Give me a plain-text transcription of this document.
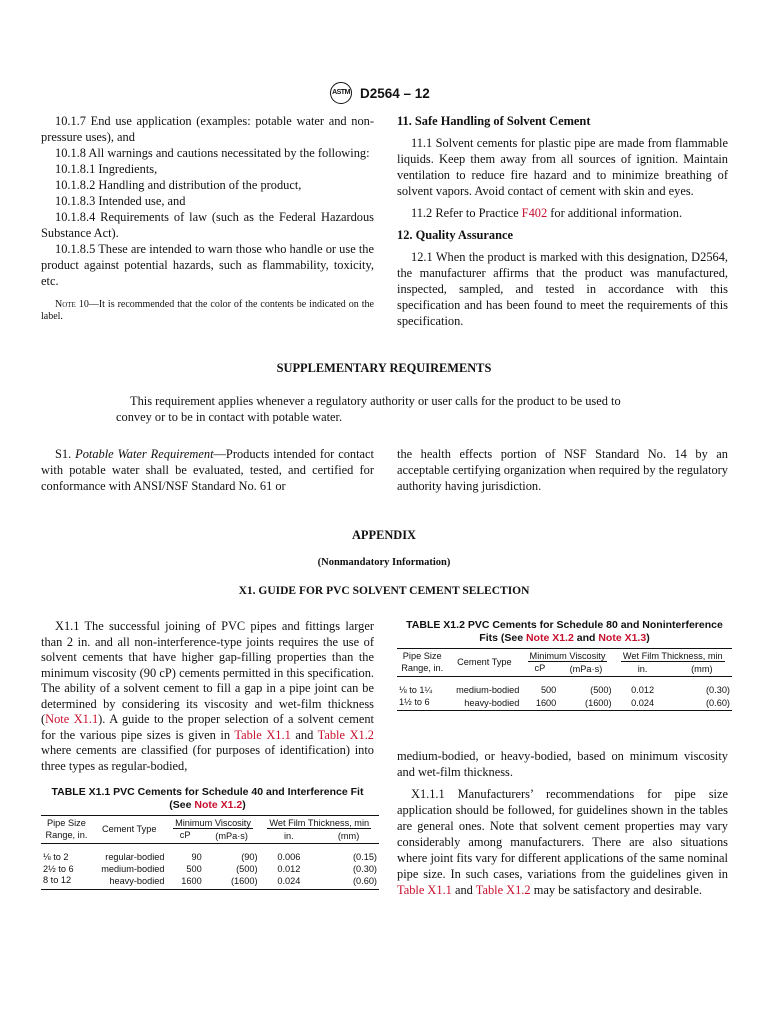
ASTM D2564 – 12

10.1.7 End use application (examples: potable water and non-pressure uses), and

10.1.8 All warnings and cautions necessitated by the following:

10.1.8.1 Ingredients,

10.1.8.2 Handling and distribution of the product,

10.1.8.3 Intended use, and

10.1.8.4 Requirements of law (such as the Federal Hazardous Substance Act).

10.1.8.5 These are intended to warn those who handle or use the product against potential hazards, such as flammability, toxicity, etc.

Note 10—It is recommended that the color of the contents be indicated on the label.

11. Safe Handling of Solvent Cement

11.1 Solvent cements for plastic pipe are made from flammable liquids. Keep them away from all sources of ignition. Maintain ventilation to reduce fire hazard and to minimize breathing of solvent vapors. Avoid contact of cement with skin and eyes.

11.2 Refer to Practice F402 for additional information.

12. Quality Assurance

12.1 When the product is marked with this designation, D2564, the manufacturer affirms that the product was manufactured, inspected, sampled, and tested in accordance with this specification and has been found to meet the requirements of this specification.

SUPPLEMENTARY REQUIREMENTS
This requirement applies whenever a regulatory authority or user calls for the product to be used to convey or to be in contact with potable water.

S1. Potable Water Requirement—Products intended for contact with potable water shall be evaluated, tested, and certified for conformance with ANSI/NSF Standard No. 61 or

the health effects portion of NSF Standard No. 14 by an acceptable certifying organization when required by the regulatory authority having jurisdiction.

APPENDIX
(Nonmandatory Information)
X1. GUIDE FOR PVC SOLVENT CEMENT SELECTION

X1.1 The successful joining of PVC pipes and fittings larger than 2 in. and all non-interference-type joints requires the use of solvent cements that have higher gap-filling properties than the minimum viscosity (90 cP) cements permitted in this specification. The ability of a solvent cement to fill a gap in a pipe joint can be determined by considering its viscosity and wet-film thickness (Note X1.1). A guide to the proper selection of a solvent cement for the various pipe sizes is given in Table X1.1 and Table X1.2 where cements are classified (for purposes of identification) into three types as regular-bodied,

TABLE X1.1 PVC Cements for Schedule 40 and Interference Fit
(See Note X1.2)
Pipe Size
Range, in.	Cement Type	Minimum Viscosity		Wet Film Thickness, min	
		cP	(mPa·s)	in.	(mm)

⅛ to 2	regular-bodied	90	(90)	0.006	(0.15)
2½ to 6	medium-bodied	500	(500)	0.012	(0.30)
8 to 12	heavy-bodied	1600	(1600)	0.024	(0.60)
TABLE X1.2 PVC Cements for Schedule 80 and Noninterference
Fits (See Note X1.2 and Note X1.3)
Pipe Size
Range, in.	Cement Type	Minimum Viscosity		Wet Film Thickness, min	
		cP	(mPa·s)	in.	(mm)

⅛ to 1¼	medium-bodied	500	(500)	0.012	(0.30)
1½ to 6	heavy-bodied	1600	(1600)	0.024	(0.60)

medium-bodied, or heavy-bodied, based on minimum viscosity and wet-film thickness.

X1.1.1 Manufacturers’ recommendations for pipe size application should be followed, for guidelines shown in the tables are general ones. Note that solvent cement properties may vary considerably among manufacturers. There are also situations where joint fits vary for different applications of the same nominal pipe size. In such cases, variations from the guidelines given in Table X1.1 and Table X1.2 may be satisfactory and desirable.
